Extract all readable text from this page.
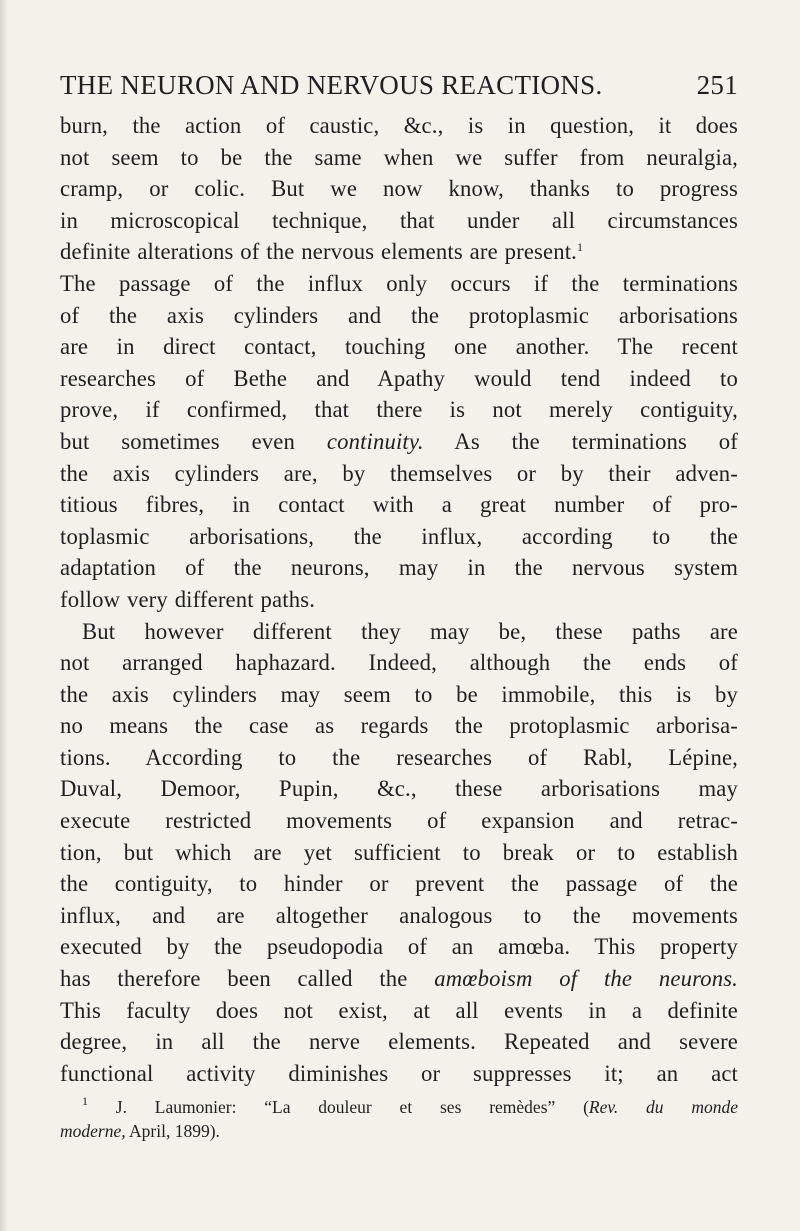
THE NEURON AND NERVOUS REACTIONS.	251
burn, the action of caustic, &c., is in question, it does
not seem to be the same when we suffer from neuralgia,
cramp, or colic. But we now know, thanks to progress
in microscopical technique, that under all circumstances
definite alterations of the nervous elements are present.$^1$
The passage of the influx only occurs if the terminations
of the axis cylinders and the protoplasmic arborisations
are in direct contact, touching one another. The recent
researches of Bethe and Apathy would tend indeed to
prove, if confirmed, that there is not merely contiguity,
but sometimes even continuity. As the terminations of
the axis cylinders are, by themselves or by their adven-
titious fibres, in contact with a great number of pro-
toplasmic arborisations, the influx, according to the
adaptation of the neurons, may in the nervous system
follow very different paths.
But however different they may be, these paths are
not arranged haphazard. Indeed, although the ends of
the axis cylinders may seem to be immobile, this is by
no means the case as regards the protoplasmic arborisa-
tions. According to the researches of Rabl, Lépine,
Duval, Demoor, Pupin, &c., these arborisations may
execute restricted movements of expansion and retrac-
tion, but which are yet sufficient to break or to establish
the contiguity, to hinder or prevent the passage of the
influx, and are altogether analogous to the movements
executed by the pseudopodia of an amœba. This property
has therefore been called the amœboism of the neurons.
This faculty does not exist, at all events in a definite
degree, in all the nerve elements. Repeated and severe
functional activity diminishes or suppresses it; an act
$^1$ J. Laumonier: “La douleur et ses remèdes” (Rev. du monde
moderne, April, 1899).
